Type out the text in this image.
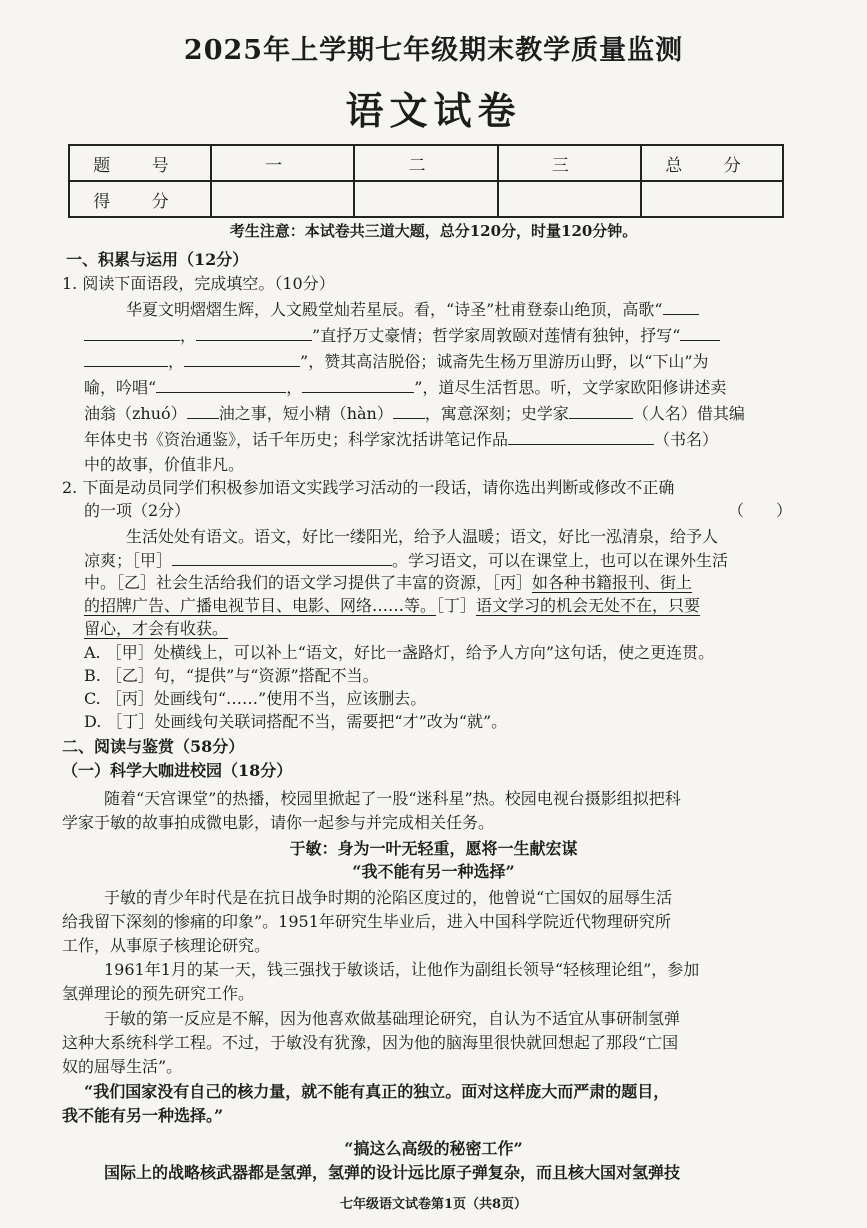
2025年上学期七年级期末教学质量监测
语文试卷
题 号	一	二	三	总 分
得 分				
考生注意：本试卷共三道大题，总分120分，时量120分钟。
一、积累与运用（12分）
1. 阅读下面语段，完成填空。（10分）
华夏文明熠熠生辉，人文殿堂灿若星辰。看，“诗圣”杜甫登泰山绝顶，高歌“
，	”直抒万丈豪情；哲学家周敦颐对莲情有独钟，抒写“
，	”，赞其高洁脱俗；诚斋先生杨万里游历山野，以“下山”为
喻，吟唱“	，	”，道尽生活哲思。听，文学家欧阳修讲述卖
油翁（zhuó） 油之事，短小精（hàn） ，寓意深刻；史学家	（人名）借其编
年体史书《资治通鉴》，话千年历史；科学家沈括讲笔记作品	（书名）
中的故事，价值非凡。
2. 下面是动员同学们积极参加语文实践学习活动的一段话，请你选出判断或修改不正确
的一项（2分）	（　　）
生活处处有语文。语文，好比一缕阳光，给予人温暖；语文，好比一泓清泉，给予人
凉爽；［甲］	。学习语文，可以在课堂上，也可以在课外生活
中。［乙］社会生活给我们的语文学习提供了丰富的资源，［丙］如各种书籍报刊、街上
的招牌广告、广播电视节目、电影、网络……等。［丁］语文学习的机会无处不在，只要
留心，才会有收获。
A. ［甲］处横线上，可以补上“语文，好比一盏路灯，给予人方向”这句话，使之更连贯。
B. ［乙］句，“提供”与“资源”搭配不当。
C. ［丙］处画线句“……”使用不当，应该删去。
D. ［丁］处画线句关联词搭配不当，需要把“才”改为“就”。
二、阅读与鉴赏（58分）
（一）科学大咖进校园（18分）
随着“天宫课堂”的热播，校园里掀起了一股“迷科星”热。校园电视台摄影组拟把科
学家于敏的故事拍成微电影，请你一起参与并完成相关任务。
于敏：身为一叶无轻重，愿将一生献宏谋
“我不能有另一种选择”
于敏的青少年时代是在抗日战争时期的沦陷区度过的，他曾说“亡国奴的屈辱生活
给我留下深刻的惨痛的印象”。1951年研究生毕业后，进入中国科学院近代物理研究所
工作，从事原子核理论研究。
1961年1月的某一天，钱三强找于敏谈话，让他作为副组长领导“轻核理论组”，参加
氢弹理论的预先研究工作。
于敏的第一反应是不解，因为他喜欢做基础理论研究，自认为不适宜从事研制氢弹
这种大系统科学工程。不过，于敏没有犹豫，因为他的脑海里很快就回想起了那段“亡国
奴的屈辱生活”。
“我们国家没有自己的核力量，就不能有真正的独立。面对这样庞大而严肃的题目，
我不能有另一种选择。”
“搞这么高级的秘密工作”
国际上的战略核武器都是氢弹，氢弹的设计远比原子弹复杂，而且核大国对氢弹技
七年级语文试卷第1页（共8页）
